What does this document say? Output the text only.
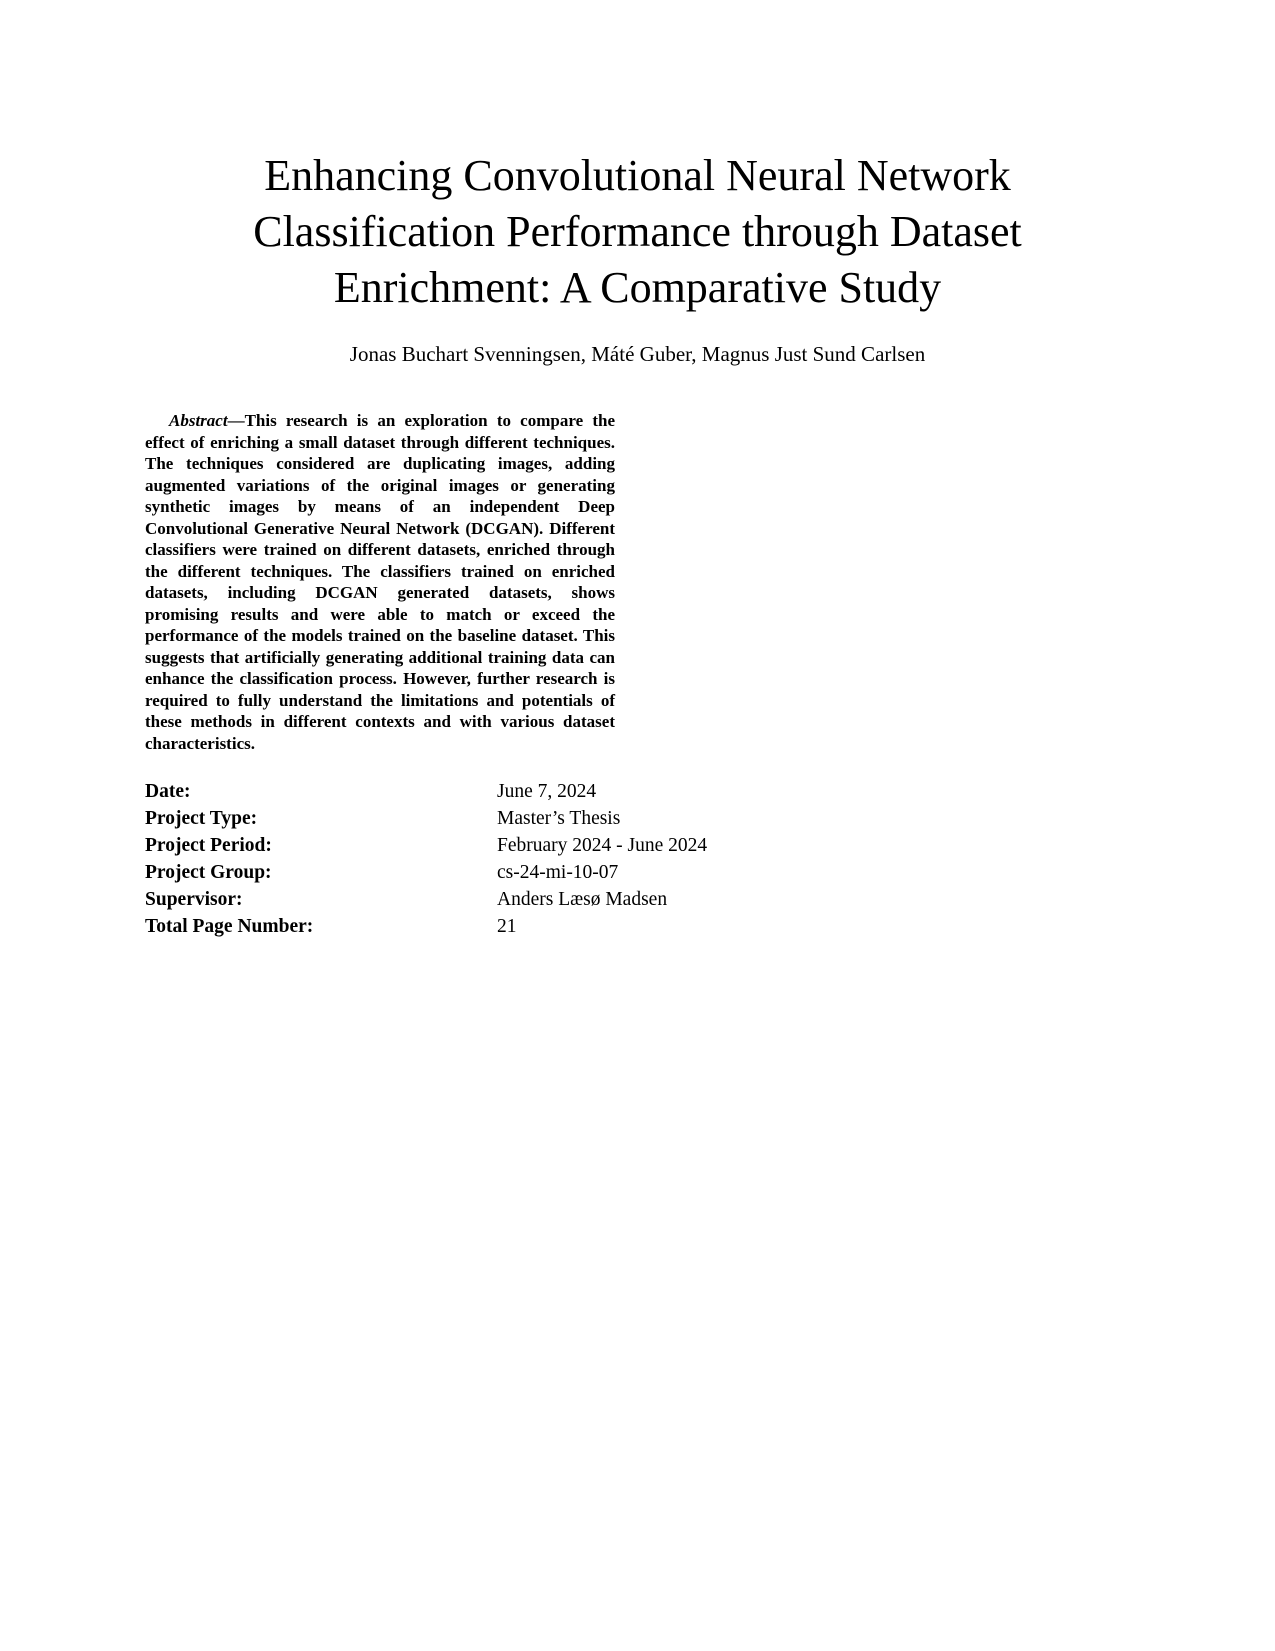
Enhancing Convolutional Neural Network
Classification Performance through Dataset
Enrichment: A Comparative Study
Jonas Buchart Svenningsen, Máté Guber, Magnus Just Sund Carlsen

Abstract—This research is an exploration to compare the effect of enriching a small dataset through different techniques. The techniques considered are duplicating images, adding augmented variations of the original images or generating synthetic images by means of an independent Deep Convolutional Generative Neural Network (DCGAN). Different classifiers were trained on different datasets, enriched through the different techniques. The classifiers trained on enriched datasets, including DCGAN generated datasets, shows promising results and were able to match or exceed the performance of the models trained on the baseline dataset. This suggests that artificially generating additional training data can enhance the classification process. However, further research is required to fully understand the limitations and potentials of these methods in different contexts and with various dataset characteristics.

Date:	June 7, 2024
Project Type:	Master’s Thesis
Project Period:	February 2024 - June 2024
Project Group:	cs-24-mi-10-07
Supervisor:	Anders Læsø Madsen
Total Page Number:	21
